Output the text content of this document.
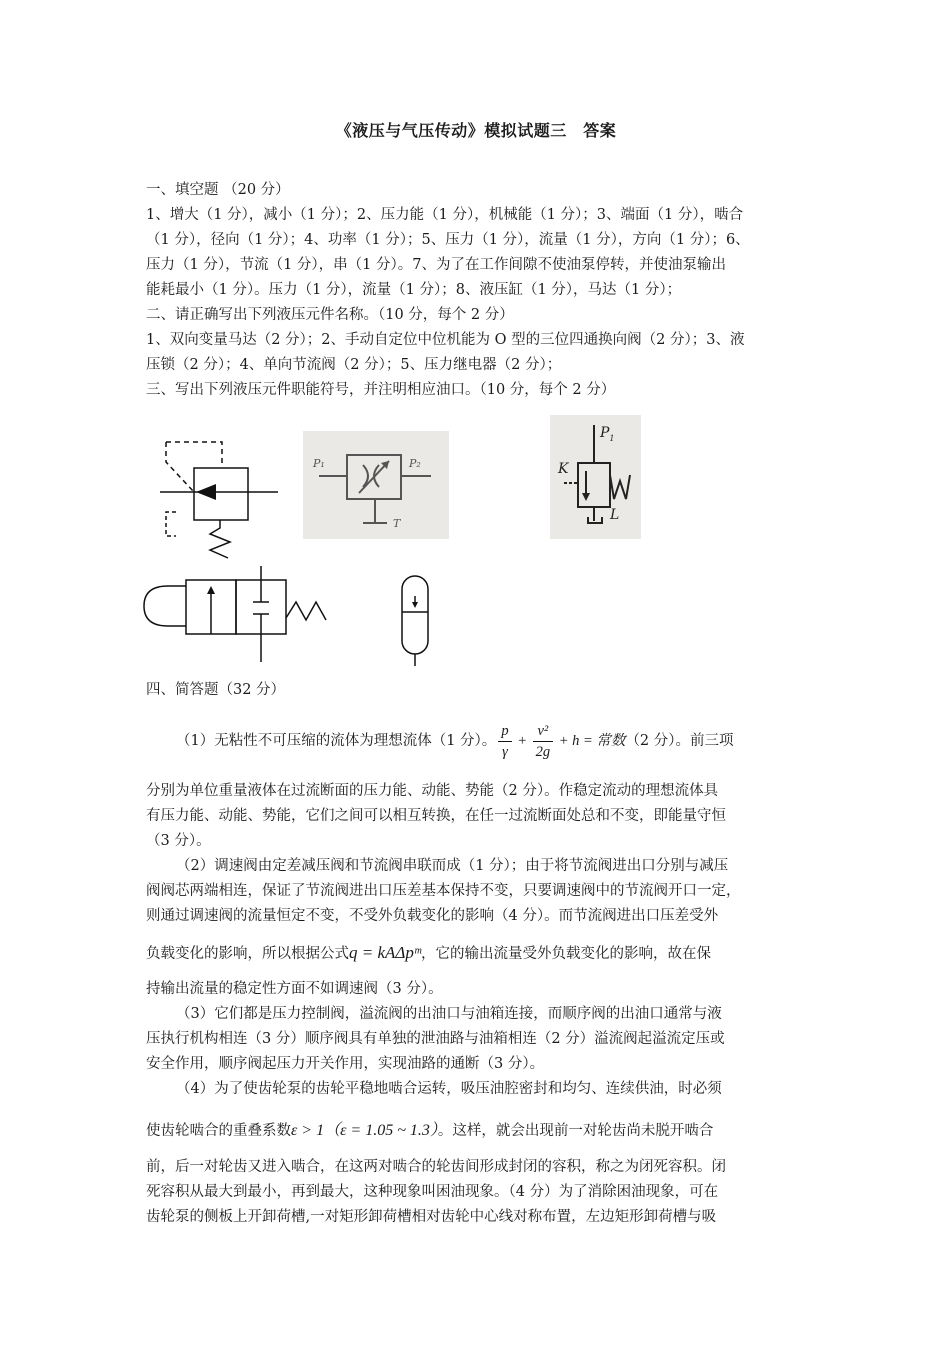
《液压与气压传动》模拟试题三　答案
一、填空题 （20 分）
1、增大（1 分），减小（1 分）；2、压力能（1 分），机械能（1 分）；3、端面（1 分），啮合
（1 分），径向（1 分）；4、功率（1 分）；5、压力（1 分），流量（1 分），方向（1 分）；6、
压力（1 分），节流（1 分），串（1 分）。7、为了在工作间隙不使油泵停转，并使油泵输出
能耗最小（1 分）。压力（1 分），流量（1 分）；8、液压缸（1 分），马达（1 分）；
二、请正确写出下列液压元件名称。（10 分，每个 2 分）
1、双向变量马达（2 分）；2、手动自定位中位机能为 O 型的三位四通换向阀（2 分）；3、液
压锁（2 分）；4、单向节流阀（2 分）；5、压力继电器（2 分）；
三、写出下列液压元件职能符号，并注明相应油口。（10 分，每个 2 分）
P₁	P₂
T
$P_1$
K
L
四、简答题（32 分）
（1）无粘性不可压缩的流体为理想流体（1 分）。 $\frac{p}{\gamma} + \frac{\text{v²}}{2g} + h$ = 常数（2 分）。前三项
分别为单位重量液体在过流断面的压力能、动能、势能（2 分）。作稳定流动的理想流体具
有压力能、动能、势能，它们之间可以相互转换，在任一过流断面处总和不变，即能量守恒
（3 分）。
（2）调速阀由定差减压阀和节流阀串联而成（1 分）；由于将节流阀进出口分别与减压
阀阀芯两端相连，保证了节流阀进出口压差基本保持不变，只要调速阀中的节流阀开口一定，
则通过调速阀的流量恒定不变，不受外负载变化的影响（4 分）。而节流阀进出口压差受外
负载变化的影响，所以根据公式q = kAΔpᵐ，它的输出流量受外负载变化的影响，故在保
持输出流量的稳定性方面不如调速阀（3 分）。
（3）它们都是压力控制阀，溢流阀的出油口与油箱连接，而顺序阀的出油口通常与液
压执行机构相连（3 分）顺序阀具有单独的泄油路与油箱相连（2 分）溢流阀起溢流定压或
安全作用，顺序阀起压力开关作用，实现油路的通断（3 分）。
（4）为了使齿轮泵的齿轮平稳地啮合运转，吸压油腔密封和均匀、连续供油，时必须
使齿轮啮合的重叠系数ε > 1（ε = 1.05 ~ 1.3）。这样，就会出现前一对轮齿尚未脱开啮合
前，后一对轮齿又进入啮合，在这两对啮合的轮齿间形成封闭的容积，称之为闭死容积。闭
死容积从最大到最小，再到最大，这种现象叫困油现象。（4 分）为了消除困油现象，可在
齿轮泵的侧板上开卸荷槽,一对矩形卸荷槽相对齿轮中心线对称布置，左边矩形卸荷槽与吸
